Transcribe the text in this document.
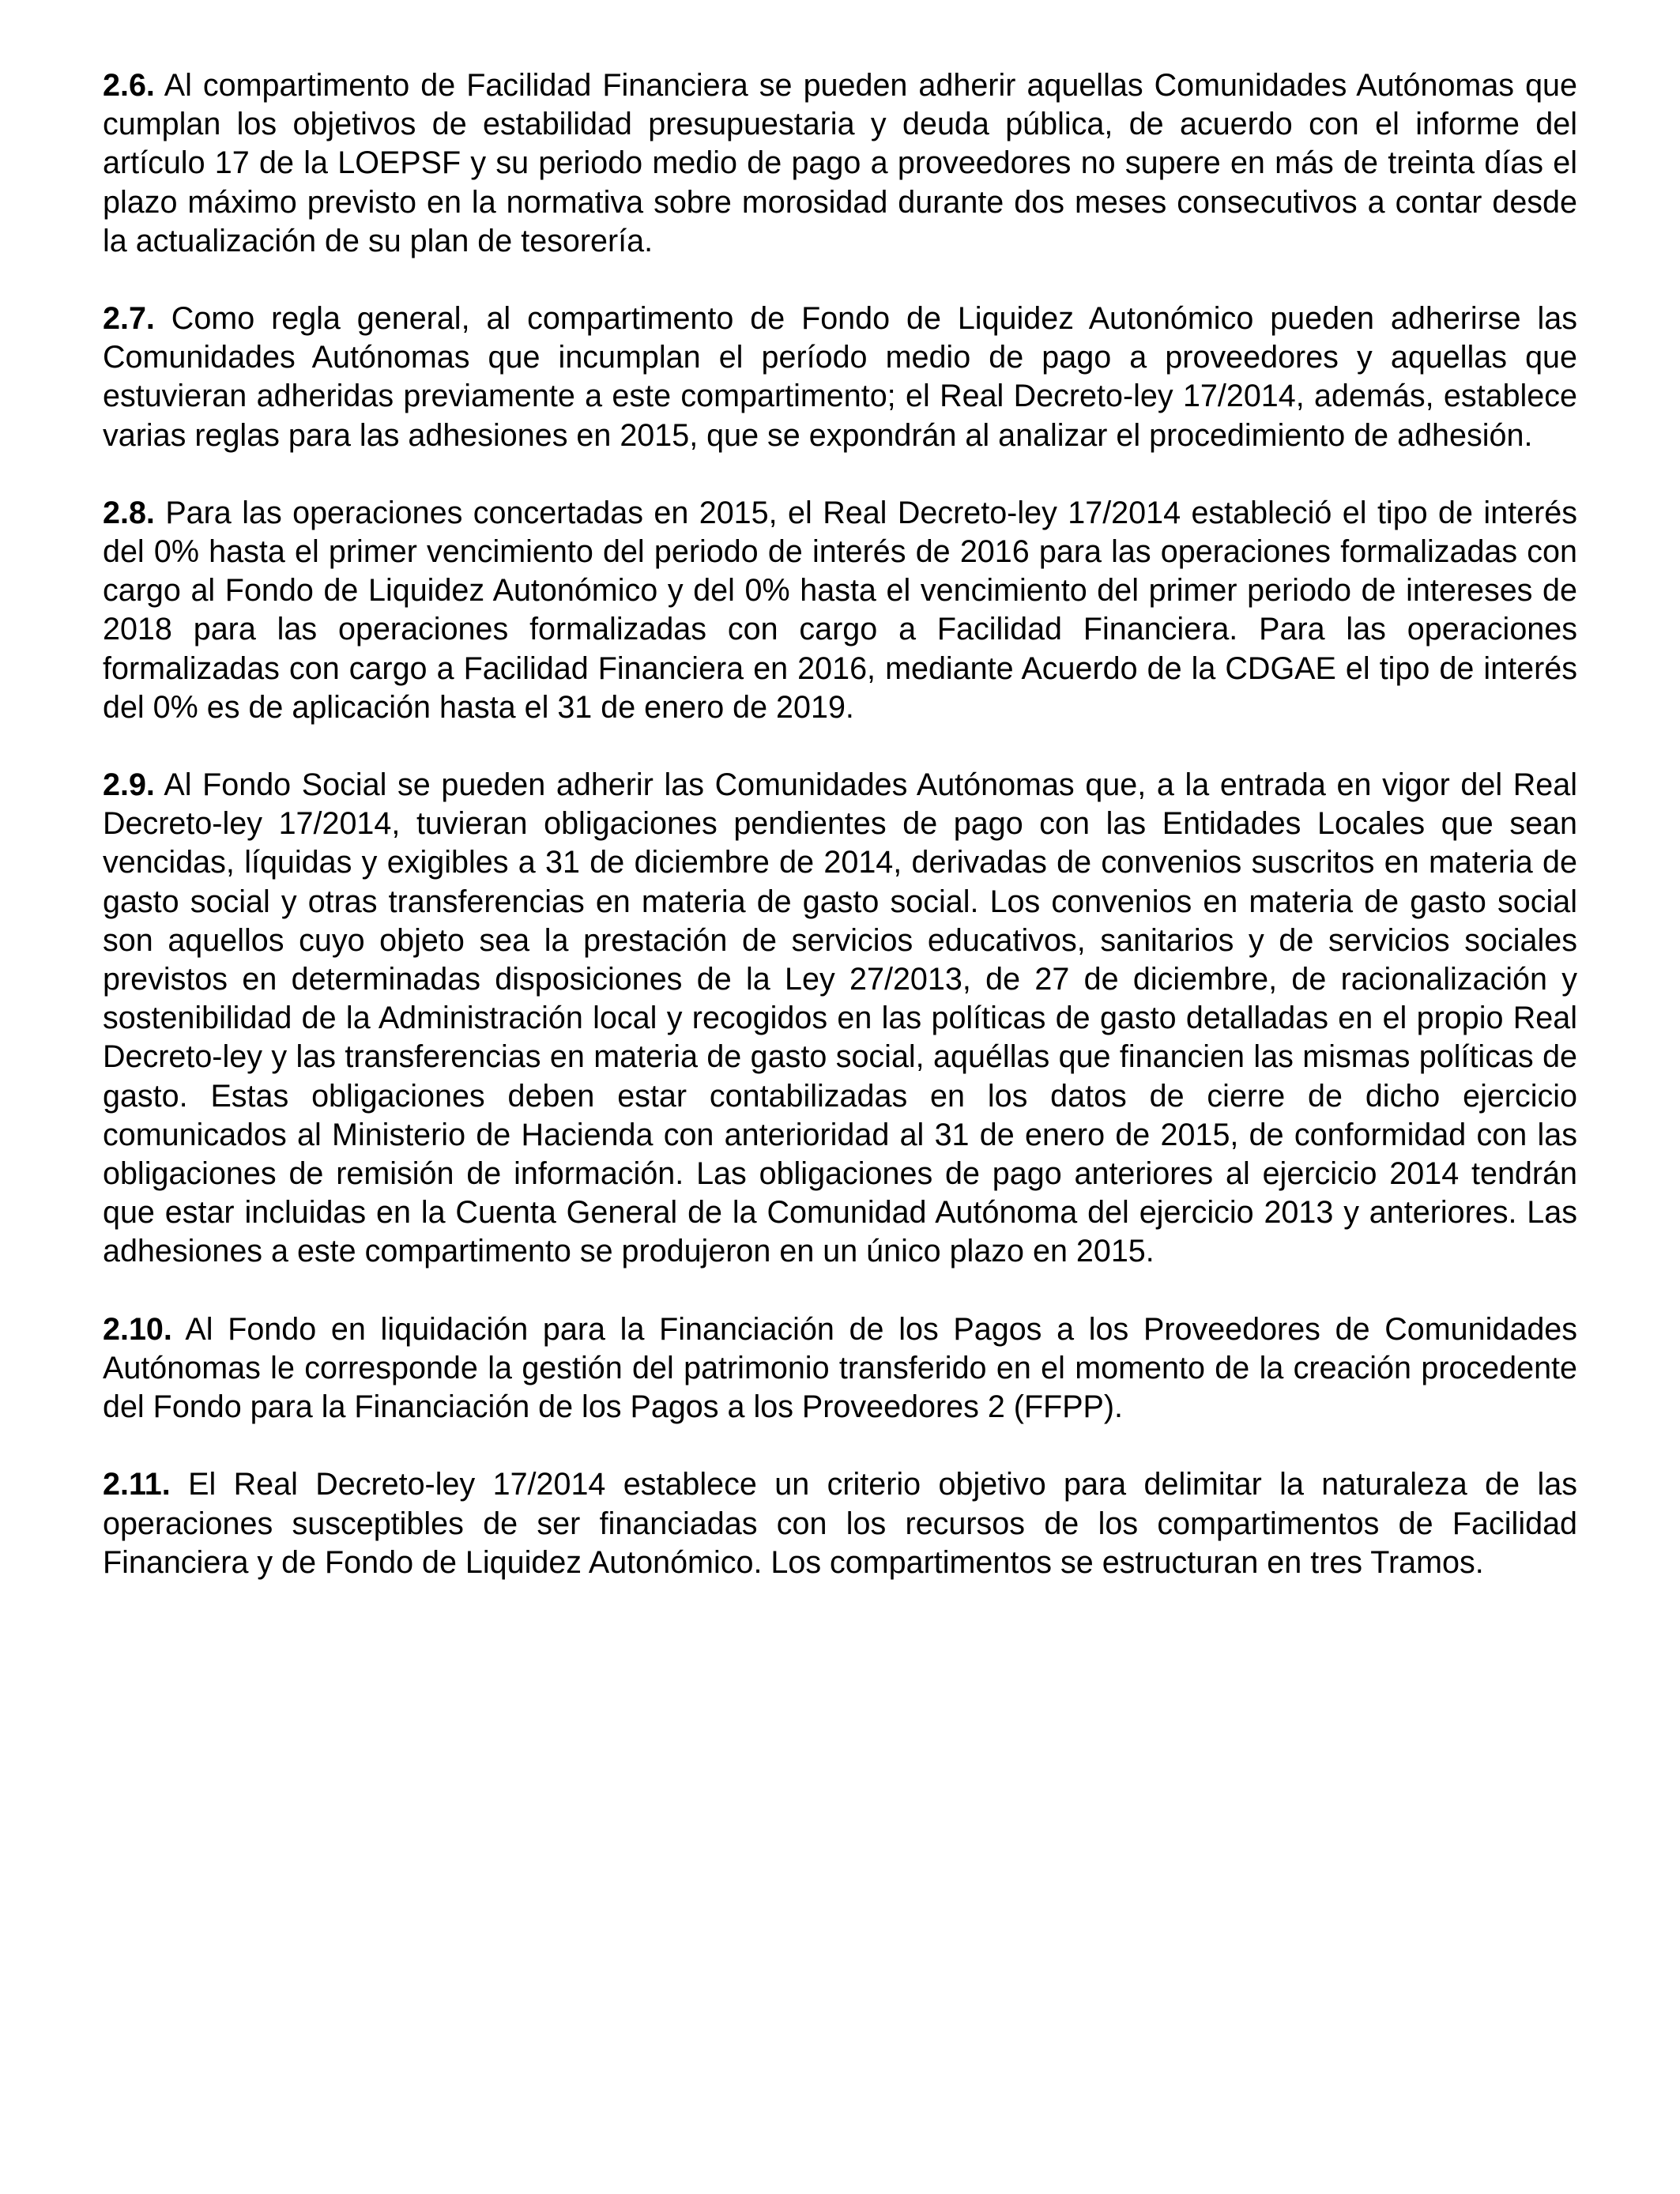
2.6. Al compartimento de Facilidad Financiera se pueden adherir aquellas Comunidades Autónomas que cumplan los objetivos de estabilidad presupuestaria y deuda pública, de acuerdo con el informe del artículo 17 de la LOEPSF y su periodo medio de pago a proveedores no supere en más de treinta días el plazo máximo previsto en la normativa sobre morosidad durante dos meses consecutivos a contar desde la actualización de su plan de tesorería.

2.7. Como regla general, al compartimento de Fondo de Liquidez Autonómico pueden adherirse las Comunidades Autónomas que incumplan el período medio de pago a proveedores y aquellas que estuvieran adheridas previamente a este compartimento; el Real Decreto-ley 17/2014, además, establece varias reglas para las adhesiones en 2015, que se expondrán al analizar el procedimiento de adhesión.

2.8. Para las operaciones concertadas en 2015, el Real Decreto-ley 17/2014 estableció el tipo de interés del 0% hasta el primer vencimiento del periodo de interés de 2016 para las operaciones formalizadas con cargo al Fondo de Liquidez Autonómico y del 0% hasta el vencimiento del primer periodo de intereses de 2018 para las operaciones formalizadas con cargo a Facilidad Financiera. Para las operaciones formalizadas con cargo a Facilidad Financiera en 2016, mediante Acuerdo de la CDGAE el tipo de interés del 0% es de aplicación hasta el 31 de enero de 2019.

2.9. Al Fondo Social se pueden adherir las Comunidades Autónomas que, a la entrada en vigor del Real Decreto-ley 17/2014, tuvieran obligaciones pendientes de pago con las Entidades Locales que sean vencidas, líquidas y exigibles a 31 de diciembre de 2014, derivadas de convenios suscritos en materia de gasto social y otras transferencias en materia de gasto social. Los convenios en materia de gasto social son aquellos cuyo objeto sea la prestación de servicios educativos, sanitarios y de servicios sociales previstos en determinadas disposiciones de la Ley 27/2013, de 27 de diciembre, de racionalización y sostenibilidad de la Administración local y recogidos en las políticas de gasto detalladas en el propio Real Decreto-ley y las transferencias en materia de gasto social, aquéllas que financien las mismas políticas de gasto. Estas obligaciones deben estar contabilizadas en los datos de cierre de dicho ejercicio comunicados al Ministerio de Hacienda con anterioridad al 31 de enero de 2015, de conformidad con las obligaciones de remisión de información. Las obligaciones de pago anteriores al ejercicio 2014 tendrán que estar incluidas en la Cuenta General de la Comunidad Autónoma del ejercicio 2013 y anteriores. Las adhesiones a este compartimento se produjeron en un único plazo en 2015.

2.10. Al Fondo en liquidación para la Financiación de los Pagos a los Proveedores de Comunidades Autónomas le corresponde la gestión del patrimonio transferido en el momento de la creación procedente del Fondo para la Financiación de los Pagos a los Proveedores 2 (FFPP).

2.11. El Real Decreto-ley 17/2014 establece un criterio objetivo para delimitar la naturaleza de las operaciones susceptibles de ser financiadas con los recursos de los compartimentos de Facilidad Financiera y de Fondo de Liquidez Autonómico. Los compartimentos se estructuran en tres Tramos.
